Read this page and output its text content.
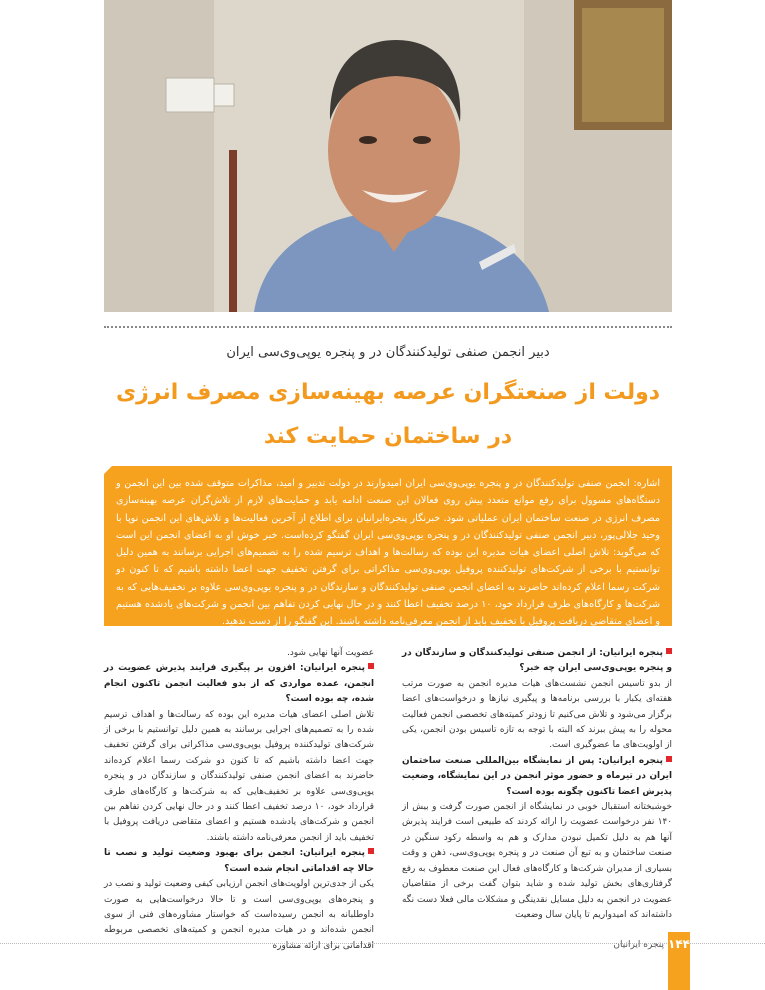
دبیر انجمن صنفی تولیدکنندگان در و پنجره یوپی‌وی‌سی ایران
دولت از صنعتگران عرصه بهینه‌سازی مصرف انرژی
در ساختمان حمایت کند
اشاره: انجمن صنفی تولیدکنندگان در و پنجره یوپی‌وی‌سی ایران امیدوارند در دولت تدبیر و امید، مذاکرات متوقف شده بین این انجمن و دستگاه‌های مسوول برای رفع موانع متعدد پیش روی فعالان این صنعت ادامه یابد و حمایت‌های لازم از تلاش‌گران عرصه بهینه‌سازی مصرف انرژی در صنعت ساختمان ایران عملیاتی شود. خبرنگار پنجره‌ایرانیان برای اطلاع از آخرین فعالیت‌ها و تلاش‌های این انجمن نوپا با وحید جلالی‌پور، دبیر انجمن صنفی تولیدکنندگان در و پنجره یوپی‌وی‌سی ایران گفتگو کرده‌است. خبر خوش او به اعضای انجمن این است که می‌گوید: تلاش اصلی اعضای هیات مدیره این بوده که رسالت‌ها و اهداف ترسیم شده را به تصمیم‌های اجرایی برسانند به همین دلیل توانستیم با برخی از شرکت‌های تولیدکننده پروفیل یوپی‌وی‌سی مذاکراتی برای گرفتن تخفیف جهت اعضا داشته باشیم که تا کنون دو شرکت رسما اعلام کرده‌اند حاضرند به اعضای انجمن صنفی تولیدکنندگان و سازندگان در و پنجره یوپی‌وی‌سی علاوه بر تخفیف‌هایی که به شرکت‌ها و کارگاه‌های طرف قرارداد خود، ۱۰ درصد تخفیف اعطا کنند و در حال نهایی کردن تفاهم بین انجمن و شرکت‌های یادشده هستیم و اعضای متقاضی دریافت پروفیل با تخفیف باید از انجمن معرفی‌نامه داشته باشند. این گفتگو را از دست ندهید.

پنجره ایرانیان: از انجمن صنفی تولیدکنندگان و سازندگان در و پنجره یوپی‌وی‌سی ایران چه خبر؟

از بدو تاسیس انجمن نشست‌های هیات مدیره انجمن به صورت مرتب هفته‌ای یکبار با بررسی برنامه‌ها و پیگیری نیازها و درخواست‌های اعضا برگزار می‌شود و تلاش می‌کنیم تا زودتر کمیته‌های تخصصی انجمن فعالیت محوله را به پیش ببرند که البته با توجه به تازه تاسیس بودن انجمن، یکی از اولویت‌های ما عضوگیری است.

پنجره ایرانیان: پس از نمایشگاه بین‌المللی صنعت ساختمان ایران در تیرماه و حضور موثر انجمن در این نمایشگاه، وضعیت پذیرش اعضا تاکنون چگونه بوده است؟

خوشبختانه استقبال خوبی در نمایشگاه از انجمن صورت گرفت و بیش از ۱۴۰ نفر درخواست عضویت را ارائه کردند که طبیعی است فرایند پذیرش آنها هم به دلیل تکمیل نبودن مدارک و هم به واسطه رکود سنگین در صنعت ساختمان و به تبع آن صنعت در و پنجره یوپی‌وی‌سی، ذهن و وقت بسیاری از مدیران شرکت‌ها و کارگاه‌های فعال این صنعت معطوف به رفع گرفتاری‌های بخش تولید شده و شاید بتوان گفت برخی از متقاضیان عضویت در انجمن به دلیل مسایل نقدینگی و مشکلات مالی فعلا دست نگه داشته‌اند که امیدواریم تا پایان سال وضعیت

عضویت آنها نهایی شود.

پنجره ایرانیان: افزون بر پیگیری فرایند پذیرش عضویت در انجمن، عمده مواردی که از بدو فعالیت انجمن تاکنون انجام شده، چه بوده است؟

تلاش اصلی اعضای هیات مدیره این بوده که رسالت‌ها و اهداف ترسیم شده را به تصمیم‌های اجرایی برسانند به همین دلیل توانستیم با برخی از شرکت‌های تولیدکننده پروفیل یوپی‌وی‌سی مذاکراتی برای گرفتن تخفیف جهت اعضا داشته باشیم که تا کنون دو شرکت رسما اعلام کرده‌اند حاضرند به اعضای انجمن صنفی تولیدکنندگان و سازندگان در و پنجره یوپی‌وی‌سی علاوه بر تخفیف‌هایی که به شرکت‌ها و کارگاه‌های طرف قرارداد خود، ۱۰ درصد تخفیف اعطا کنند و در حال نهایی کردن تفاهم بین انجمن و شرکت‌های یادشده هستیم و اعضای متقاضی دریافت پروفیل با تخفیف باید از انجمن معرفی‌نامه داشته باشند.

پنجره ایرانیان: انجمن برای بهبود وضعیت تولید و نصب تا حالا چه اقداماتی انجام شده است؟

یکی از جدی‌ترین اولویت‌های انجمن ارزیابی کیفی وضعیت تولید و نصب در و پنجره‌های یوپی‌وی‌سی است و تا حالا درخواست‌هایی به صورت داوطلبانه به انجمن رسیده‌است که خواستار مشاوره‌های فنی از سوی انجمن شده‌اند و در هیات مدیره انجمن و کمیته‌های تخصصی مربوطه اقداماتی برای ارائه مشاوره	پنجره ایرانیان ۱۴۴
